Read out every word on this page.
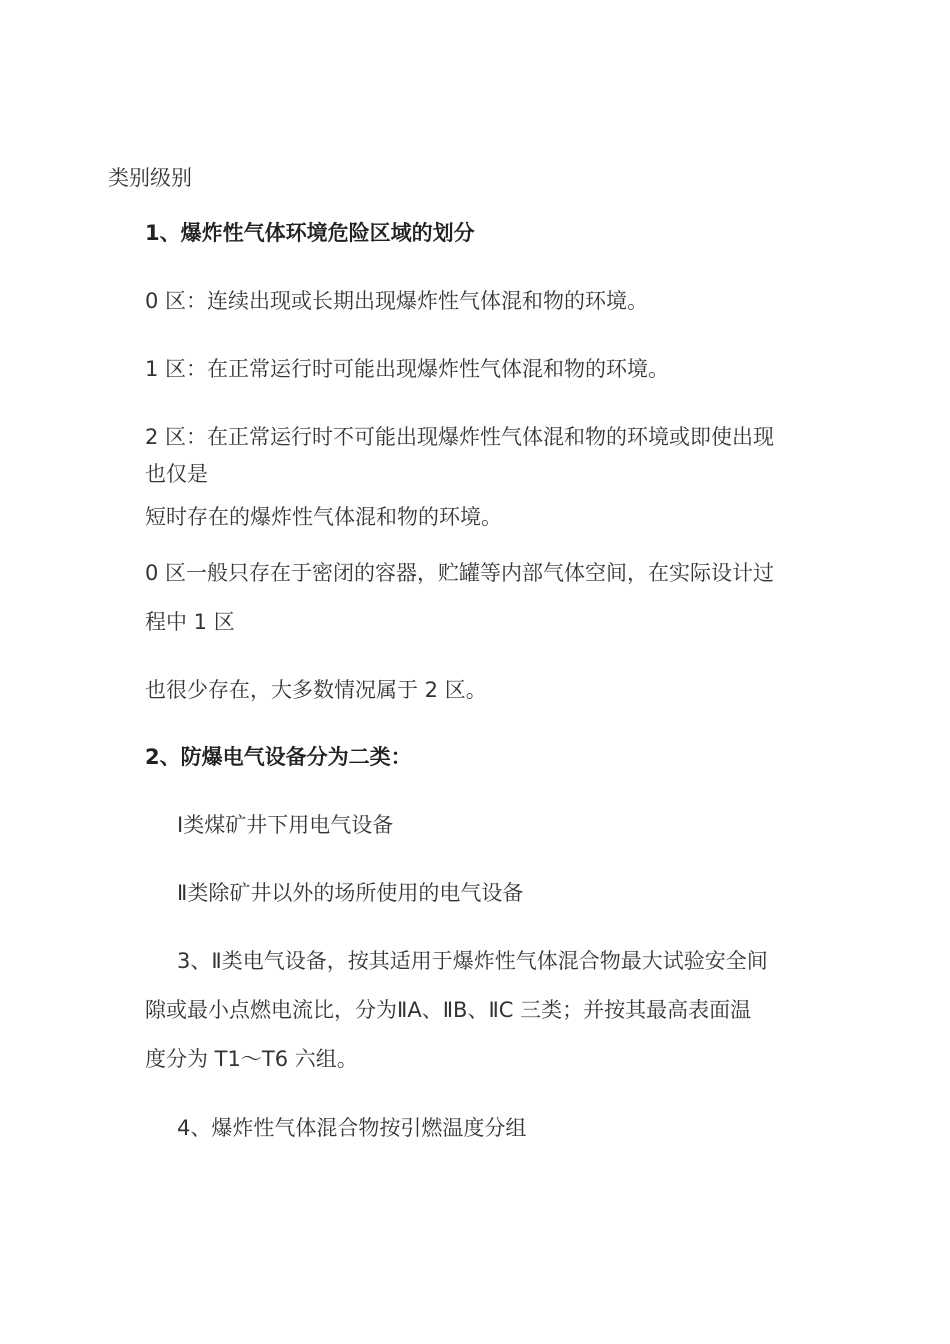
类别级别
1、爆炸性气体环境危险区域的划分
0 区：连续出现或长期出现爆炸性气体混和物的环境。
1 区：在正常运行时可能出现爆炸性气体混和物的环境。
2 区：在正常运行时不可能出现爆炸性气体混和物的环境或即使出现
也仅是
短时存在的爆炸性气体混和物的环境。
0 区一般只存在于密闭的容器，贮罐等内部气体空间，在实际设计过
程中 1 区
也很少存在，大多数情况属于 2 区。
2、防爆电气设备分为二类：
Ⅰ类煤矿井下用电气设备
Ⅱ类除矿井以外的场所使用的电气设备
3、Ⅱ类电气设备，按其适用于爆炸性气体混合物最大试验安全间
隙或最小点燃电流比，分为ⅡA、ⅡB、ⅡC 三类；并按其最高表面温
度分为 T1～T6 六组。
4、爆炸性气体混合物按引燃温度分组
